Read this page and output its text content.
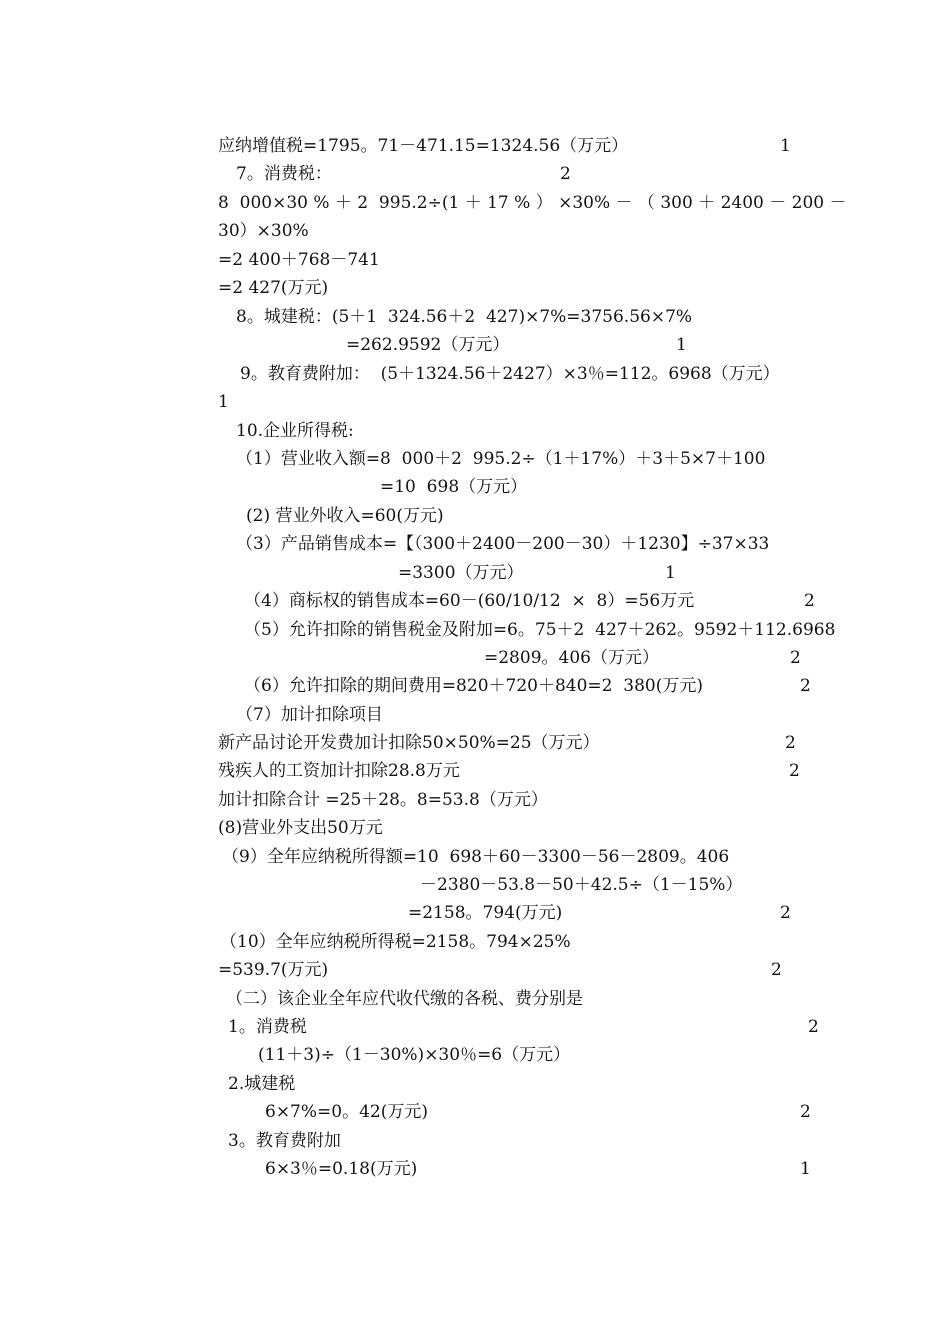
应纳增值税=1795。71－471.15=1324.56（万元）	1
7。消费税：	2
8  000×30 % ＋ 2  995.2÷(1 ＋ 17 % ） ×30% － （ 300 ＋ 2400 － 200 －
30）×30%
=2 400＋768－741
=2 427(万元)
8。城建税：(5＋1  324.56＋2  427)×7%=3756.56×7%
=262.9592（万元）	1
9。教育费附加：  (5＋1324.56＋2427）×3％=112。6968（万元）
1
10.企业所得税:
（1）营业收入额=8  000＋2  995.2÷（1＋17%）＋3＋5×7＋100
=10  698（万元）
(2) 营业外收入=60(万元)
（3）产品销售成本=【（300＋2400－200－30）＋1230】÷37×33
=3300（万元）	1
（4）商标权的销售成本=60－(60/10/12  ×  8）=56万元	2
（5）允许扣除的销售税金及附加=6。75＋2  427＋262。9592＋112.6968
=2809。406（万元）	2
（6）允许扣除的期间费用=820＋720＋840=2  380(万元)	2
（7）加计扣除项目
新产品讨论开发费加计扣除50×50%=25（万元）	2
残疾人的工资加计扣除28.8万元	2
加计扣除合计 =25＋28。8=53.8（万元）
(8)营业外支出50万元
（9）全年应纳税所得额=10  698＋60－3300－56－2809。406
－2380－53.8－50＋42.5÷（1－15%）
=2158。794(万元)	2
（10）全年应纳税所得税=2158。794×25%
=539.7(万元)	2
（二）该企业全年应代收代缴的各税、费分别是
1。消费税	2
(11＋3)÷（1－30%)×30％=6（万元）
2.城建税
6×7%=0。42(万元)	2
3。教育费附加
6×3％=0.18(万元)	1
